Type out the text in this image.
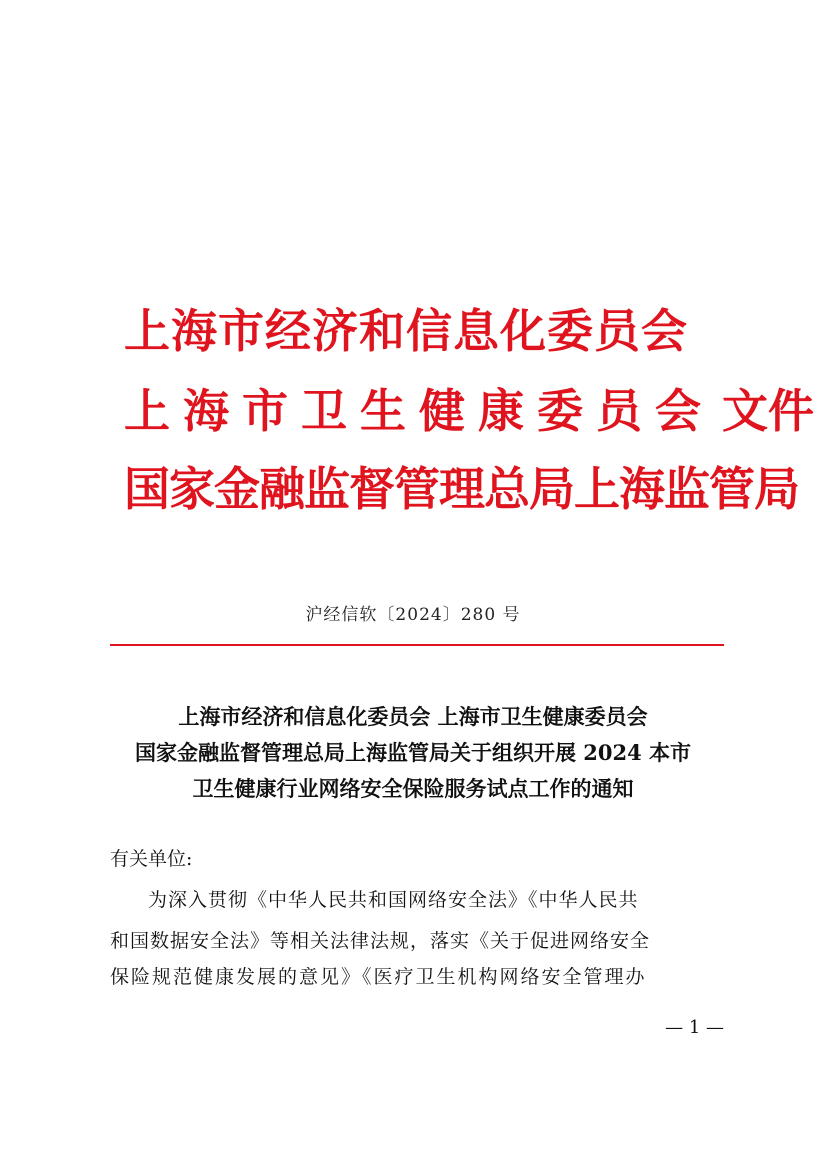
上海市经济和信息化委员会

上海市卫生健康委员会 文件

国家金融监督管理总局上海监管局

沪经信软〔2024〕280 号

上海市经济和信息化委员会 上海市卫生健康委员会

国家金融监督管理总局上海监管局关于组织开展 2024 本市

卫生健康行业网络安全保险服务试点工作的通知

有关单位:

为深入贯彻《中华人民共和国网络安全法》《中华人民共

和国数据安全法》等相关法律法规，落实《关于促进网络安全

保险规范健康发展的意见》《医疗卫生机构网络安全管理办

— 1 —
